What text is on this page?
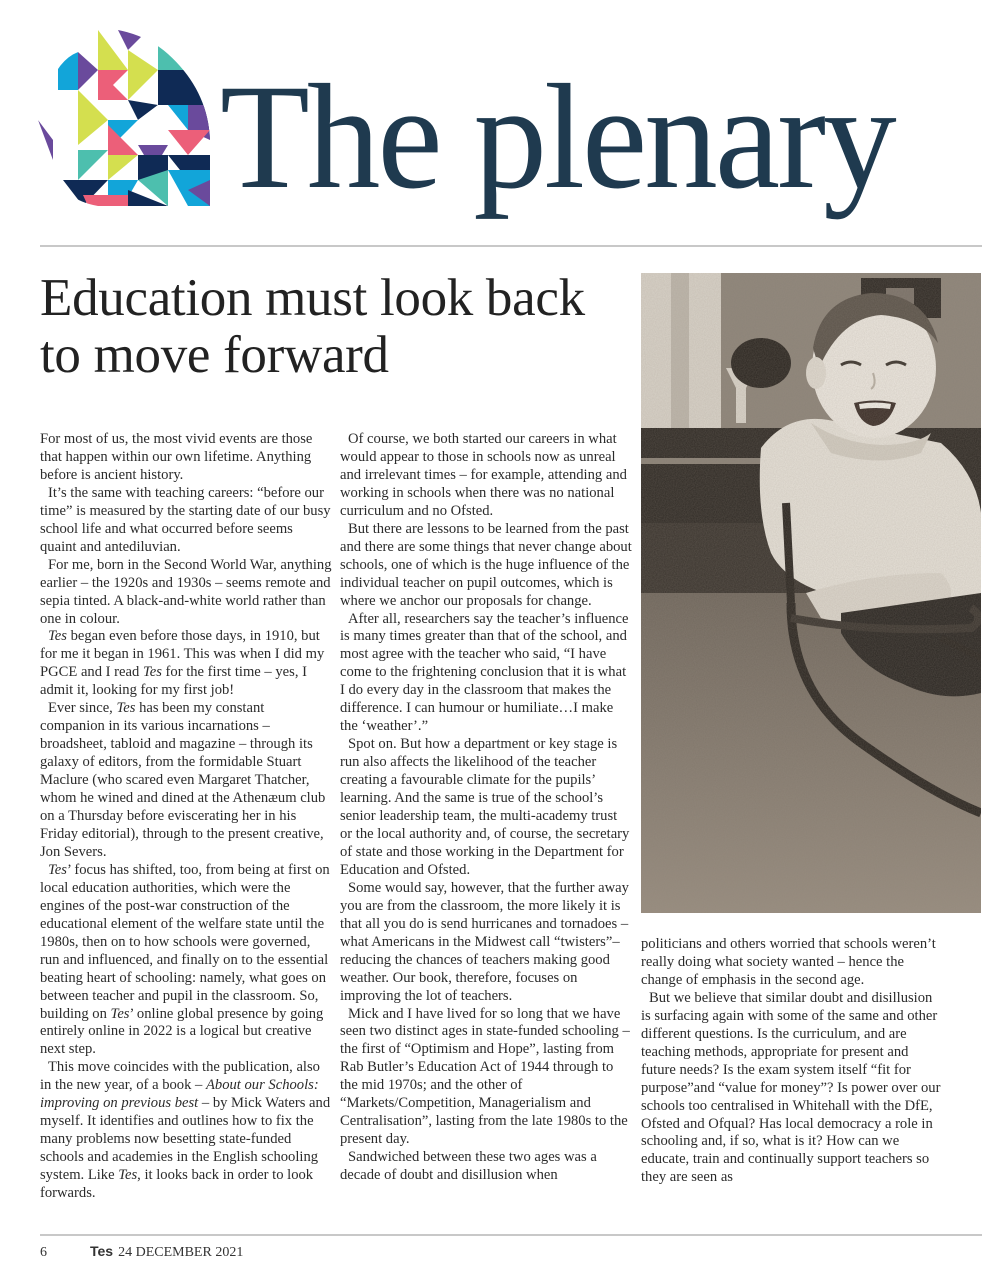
The plenary
Education must look back to move forward

For most of us, the most vivid events are those that happen within our own lifetime. Anything before is ancient history.

It’s the same with teaching careers: “before our time” is measured by the starting date of our busy school life and what occurred before seems quaint and antediluvian.

For me, born in the Second World War, anything earlier – the 1920s and 1930s – seems remote and sepia tinted. A black-and-white world rather than one in colour.

Tes began even before those days, in 1910, but for me it began in 1961. This was when I did my PGCE and I read Tes for the first time – yes, I admit it, looking for my first job!

Ever since, Tes has been my constant companion in its various incarnations – broadsheet, tabloid and magazine – through its galaxy of editors, from the formidable Stuart Maclure (who scared even Margaret Thatcher, whom he wined and dined at the Athenæum club on a Thursday before eviscerating her in his Friday editorial), through to the present creative, Jon Severs.

Tes’ focus has shifted, too, from being at first on local education authorities, which were the engines of the post-war construction of the educational element of the welfare state until the 1980s, then on to how schools were governed, run and influenced, and finally on to the essential beating heart of schooling: namely, what goes on between teacher and pupil in the classroom. So, building on Tes’ online global presence by going entirely online in 2022 is a logical but creative next step.

This move coincides with the publication, also in the new year, of a book – About our Schools: improving on previous best – by Mick Waters and myself. It identifies and outlines how to fix the many problems now besetting state-funded schools and academies in the English schooling system. Like Tes, it looks back in order to look forwards.

Of course, we both started our careers in what would appear to those in schools now as unreal and irrelevant times – for example, attending and working in schools when there was no national curriculum and no Ofsted.

But there are lessons to be learned from the past and there are some things that never change about schools, one of which is the huge influence of the individual teacher on pupil outcomes, which is where we anchor our proposals for change.

After all, researchers say the teacher’s influence is many times greater than that of the school, and most agree with the teacher who said, “I have come to the frightening conclusion that it is what I do every day in the classroom that makes the difference. I can humour or humiliate…I make the ‘weather’.”

Spot on. But how a department or key stage is run also affects the likelihood of the teacher creating a favourable climate for the pupils’ learning. And the same is true of the school’s senior leadership team, the multi-academy trust or the local authority and, of course, the secretary of state and those working in the Department for Education and Ofsted.

Some would say, however, that the further away you are from the classroom, the more likely it is that all you do is send hurricanes and tornadoes – what Americans in the Midwest call “twisters”– reducing the chances of teachers making good weather. Our book, therefore, focuses on improving the lot of teachers.

Mick and I have lived for so long that we have seen two distinct ages in state-funded schooling – the first of “Optimism and Hope”, lasting from Rab Butler’s Education Act of 1944 through to the mid 1970s; and the other of “Markets/Competition, Managerialism and Centralisation”, lasting from the late 1980s to the present day.

Sandwiched between these two ages was a decade of doubt and disillusion when

politicians and others worried that schools weren’t really doing what society wanted – hence the change of emphasis in the second age.

But we believe that similar doubt and disillusion is surfacing again with some of the same and other different questions. Is the curriculum, and are teaching methods, appropriate for present and future needs? Is the exam system itself “fit for purpose”and “value for money”? Is power over our schools too centralised in Whitehall with the DfE, Ofsted and Ofqual? Has local democracy a role in schooling and, if so, what is it? How can we educate, train and continually support teachers so they are seen as

6	Tes 24 DECEMBER 2021
